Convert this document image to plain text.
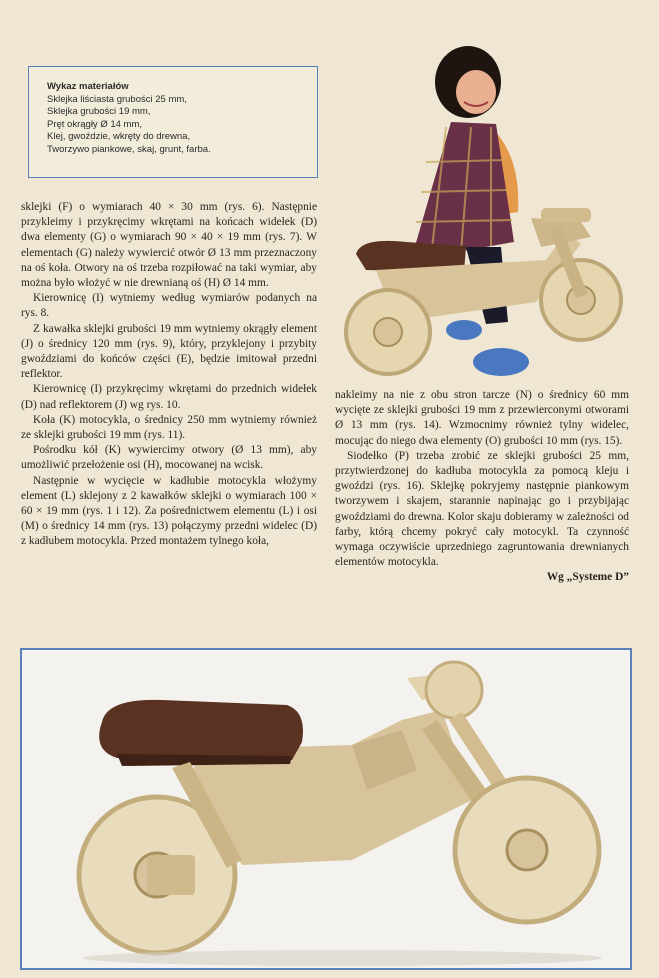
Wykaz materiałów
Sklejka liściasta grubości 25 mm,
Sklejka grubości 19 mm,
Pręt okrągły Ø 14 mm,
Klej, gwoździe, wkręty do drewna,
Tworzywo piankowe, skaj, grunt, farba.

sklejki (F) o wymiarach 40 × 30 mm (rys. 6). Następnie przykleimy i przykręcimy wkrętami na końcach widełek (D) dwa elementy (G) o wymiarach 90 × 40 × 19 mm (rys. 7). W elementach (G) należy wywiercić otwór Ø 13 mm przeznaczony na oś koła. Otwory na oś trzeba rozpiłować na taki wymiar, aby można było włożyć w nie drewnianą oś (H) Ø 14 mm.

Kierownicę (I) wytniemy według wymiarów podanych na rys. 8.

Z kawałka sklejki grubości 19 mm wytniemy okrągły element (J) o średnicy 120 mm (rys. 9), który, przyklejony i przybity gwoździami do końców części (E), będzie imitował przedni reflektor.

Kierownicę (I) przykręcimy wkrętami do przednich widełek (D) nad reflektorem (J) wg rys. 10.

Koła (K) motocykla, o średnicy 250 mm wytniemy również ze sklejki grubości 19 mm (rys. 11).

Pośrodku kół (K) wywiercimy otwory (Ø 13 mm), aby umożliwić przełożenie osi (H), mocowanej na wcisk.

Następnie w wycięcie w kadłubie motocykla włożymy element (L) sklejony z 2 kawałków sklejki o wymiarach 100 × 60 × 19 mm (rys. 1 i 12). Za pośrednictwem elementu (L) i osi (M) o średnicy 14 mm (rys. 13) połączymy przedni widelec (D) z kadłubem motocykla. Przed montażem tylnego koła,

nakleimy na nie z obu stron tarcze (N) o średnicy 60 mm wycięte ze sklejki grubości 19 mm z przewierconymi otworami Ø 13 mm (rys. 14). Wzmocnimy również tylny widelec, mocując do niego dwa elementy (O) grubości 10 mm (rys. 15).

Siodełko (P) trzeba zrobić ze sklejki grubości 25 mm, przytwierdzonej do kadłuba motocykla za pomocą kleju i gwoździ (rys. 16). Sklejkę pokryjemy następnie piankowym tworzywem i skajem, starannie napinając go i przybijając gwoździami do drewna. Kolor skaju dobieramy w zależności od farby, którą chcemy pokryć cały motocykl. Ta czynność wymaga oczywiście uprzedniego zagruntowania drewnianych elementów motocykla.

Wg „Systeme D”
